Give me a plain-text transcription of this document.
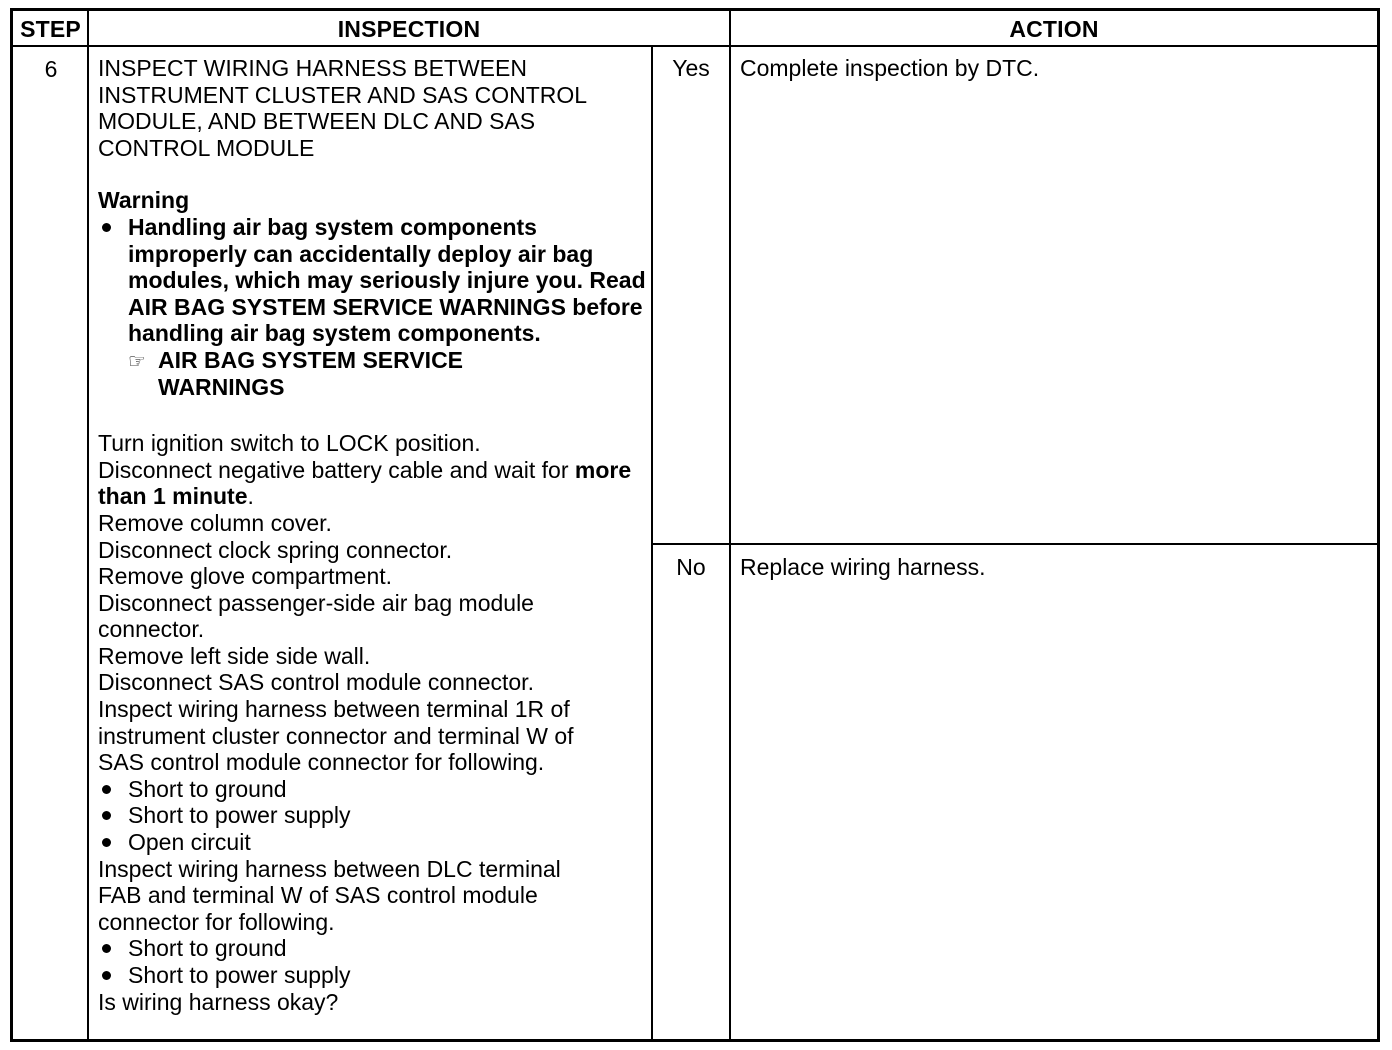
STEP	INSPECTION	ACTION
6	INSPECT WIRING HARNESS BETWEEN

INSTRUMENT CLUSTER AND SAS CONTROL

MODULE, AND BETWEEN DLC AND SAS

CONTROL MODULE

Warning

Handling air bag system components improperly can accidentally deploy air bag modules, which may seriously injure you. Read AIR BAG SYSTEM SERVICE WARNINGS before handling air bag system components.
☞ AIR BAG SYSTEM SERVICE WARNINGS

Turn ignition switch to LOCK position.

Disconnect negative battery cable and wait for more than 1 minute.

Remove column cover.

Disconnect clock spring connector.

Remove glove compartment.

Disconnect passenger-side air bag module connector.

Remove left side side wall.

Disconnect SAS control module connector.

Inspect wiring harness between terminal 1R of instrument cluster connector and terminal W of SAS control module connector for following.

Short to ground
Short to power supply
Open circuit

Inspect wiring harness between DLC terminal FAB and terminal W of SAS control module connector for following.

Short to ground
Short to power supply

Is wiring harness okay?

Yes	Complete inspection by DTC.
No	Replace wiring harness.
